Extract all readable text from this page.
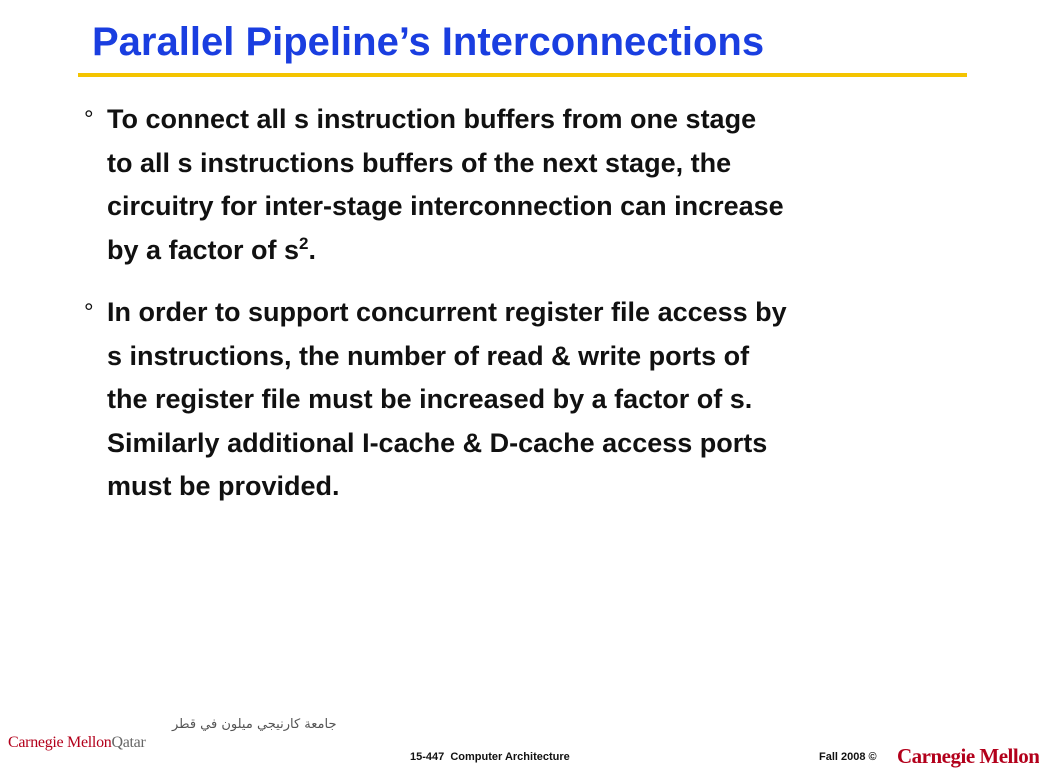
Parallel Pipeline’s Interconnections
° To connect all s instruction buffers from one stage
to all s instructions buffers of the next stage, the
circuitry for inter-stage interconnection can increase
by a factor of $s^2$.
° In order to support concurrent register file access by
s instructions, the number of read & write ports of
the register file must be increased by a factor of s.
Similarly additional I-cache & D-cache access ports
must be provided.
جامعة كارنيجي ميلون في قطر
Carnegie MellonQatar
15-447  Computer Architecture	Fall 2008 © Carnegie Mellon
